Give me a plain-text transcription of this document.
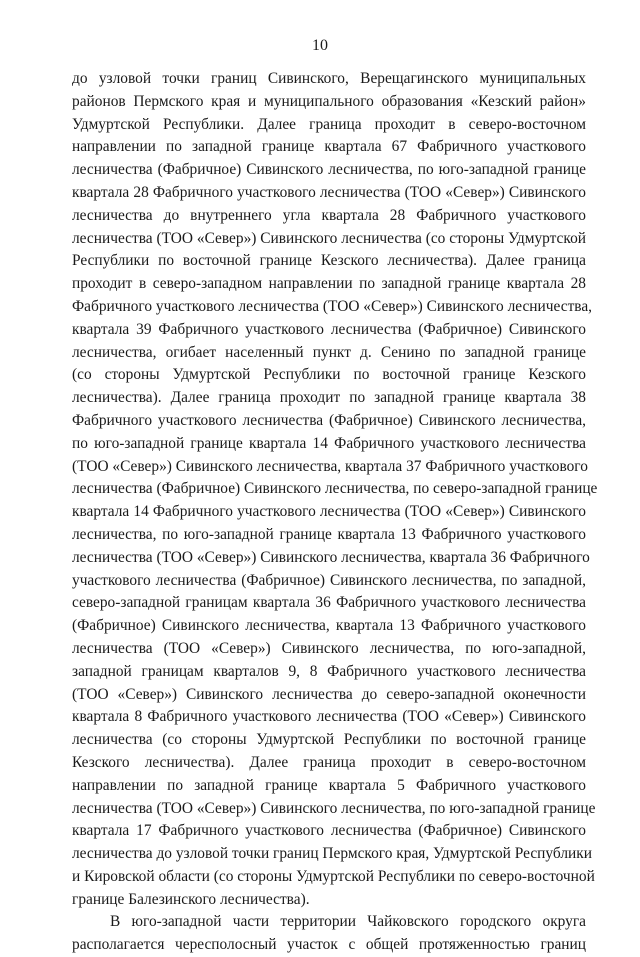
10
до узловой точки границ Сивинского, Верещагинского муниципальных
районов Пермского края и муниципального образования «Кезский район»
Удмуртской Республики. Далее граница проходит в северо-восточном
направлении по западной границе квартала 67 Фабричного участкового
лесничества (Фабричное) Сивинского лесничества, по юго-западной границе
квартала 28 Фабричного участкового лесничества (ТОО «Север») Сивинского
лесничества до внутреннего угла квартала 28 Фабричного участкового
лесничества (ТОО «Север») Сивинского лесничества (со стороны Удмуртской
Республики по восточной границе Кезского лесничества). Далее граница
проходит в северо-западном направлении по западной границе квартала 28
Фабричного участкового лесничества (ТОО «Север») Сивинского лесничества,
квартала 39 Фабричного участкового лесничества (Фабричное) Сивинского
лесничества, огибает населенный пункт д. Сенино по западной границе
(со стороны Удмуртской Республики по восточной границе Кезского
лесничества). Далее граница проходит по западной границе квартала 38
Фабричного участкового лесничества (Фабричное) Сивинского лесничества,
по юго-западной границе квартала 14 Фабричного участкового лесничества
(ТОО «Север») Сивинского лесничества, квартала 37 Фабричного участкового
лесничества (Фабричное) Сивинского лесничества, по северо-западной границе
квартала 14 Фабричного участкового лесничества (ТОО «Север») Сивинского
лесничества, по юго-западной границе квартала 13 Фабричного участкового
лесничества (ТОО «Север») Сивинского лесничества, квартала 36 Фабричного
участкового лесничества (Фабричное) Сивинского лесничества, по западной,
северо-западной границам квартала 36 Фабричного участкового лесничества
(Фабричное) Сивинского лесничества, квартала 13 Фабричного участкового
лесничества (ТОО «Север») Сивинского лесничества, по юго-западной,
западной границам кварталов 9, 8 Фабричного участкового лесничества
(ТОО «Север») Сивинского лесничества до северо-западной оконечности
квартала 8 Фабричного участкового лесничества (ТОО «Север») Сивинского
лесничества (со стороны Удмуртской Республики по восточной границе
Кезского лесничества). Далее граница проходит в северо-восточном
направлении по западной границе квартала 5 Фабричного участкового
лесничества (ТОО «Север») Сивинского лесничества, по юго-западной границе
квартала 17 Фабричного участкового лесничества (Фабричное) Сивинского
лесничества до узловой точки границ Пермского края, Удмуртской Республики
и Кировской области (со стороны Удмуртской Республики по северо-восточной
границе Балезинского лесничества).
В юго-западной части территории Чайковского городского округа
располагается чересполосный участок с общей протяженностью границ
